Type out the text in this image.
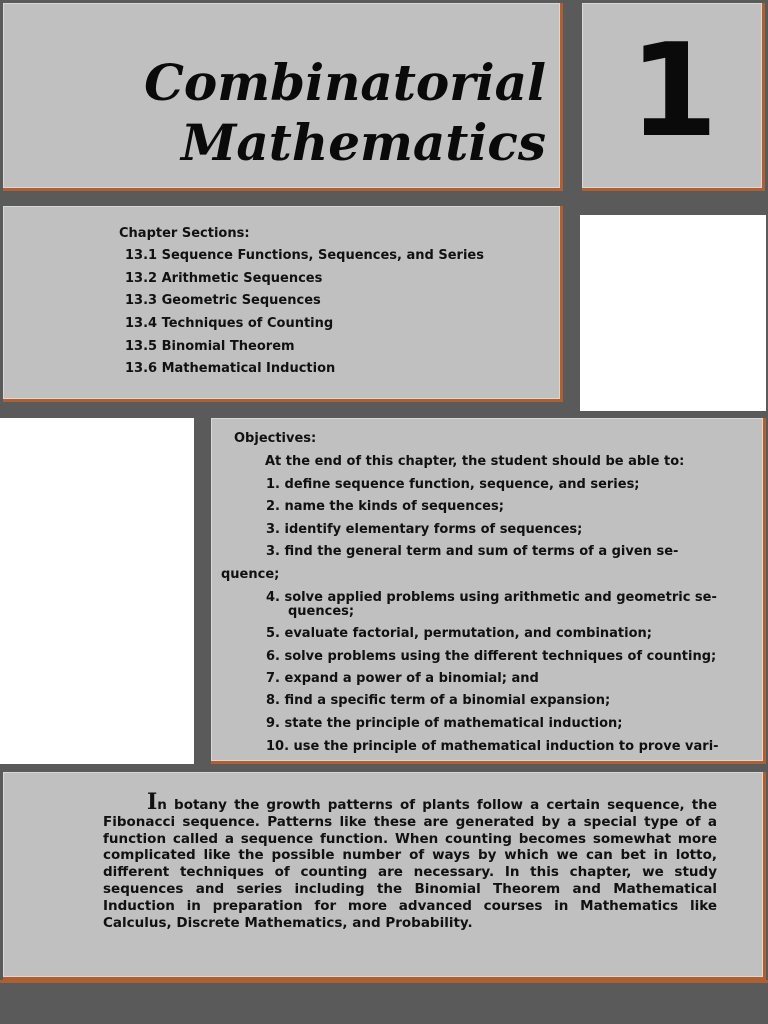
Combinatorial
Mathematics 1
Chapter Sections:
13.1 Sequence Functions, Sequences, and Series
13.2 Arithmetic Sequences
13.3 Geometric Sequences
13.4 Techniques of Counting
13.5 Binomial Theorem
13.6 Mathematical Induction
Objectives:
At the end of this chapter, the student should be able to:
1. define sequence function, sequence, and series;
2. name the kinds of sequences;
3. identify elementary forms of sequences;
3. find the general term and sum of terms of a given se-
quence;
4. solve applied problems using arithmetic and geometric se-
quences;
5. evaluate factorial, permutation, and combination;
6. solve problems using the different techniques of counting;
7. expand a power of a binomial; and
8. find a specific term of a binomial expansion;
9. state the principle of mathematical induction;
10. use the principle of mathematical induction to prove vari-
In botany the growth patterns of plants follow a certain sequence, the Fibonacci sequence. Patterns like these are generated by a special type of a function called a sequence function. When counting becomes somewhat more complicated like the possible number of ways by which we can bet in lotto, different techniques of counting are necessary. In this chapter, we study sequences and series including the Binomial Theorem and Mathematical Induction in preparation for more advanced courses in Mathematics like Calculus, Discrete Mathematics, and Probability.
